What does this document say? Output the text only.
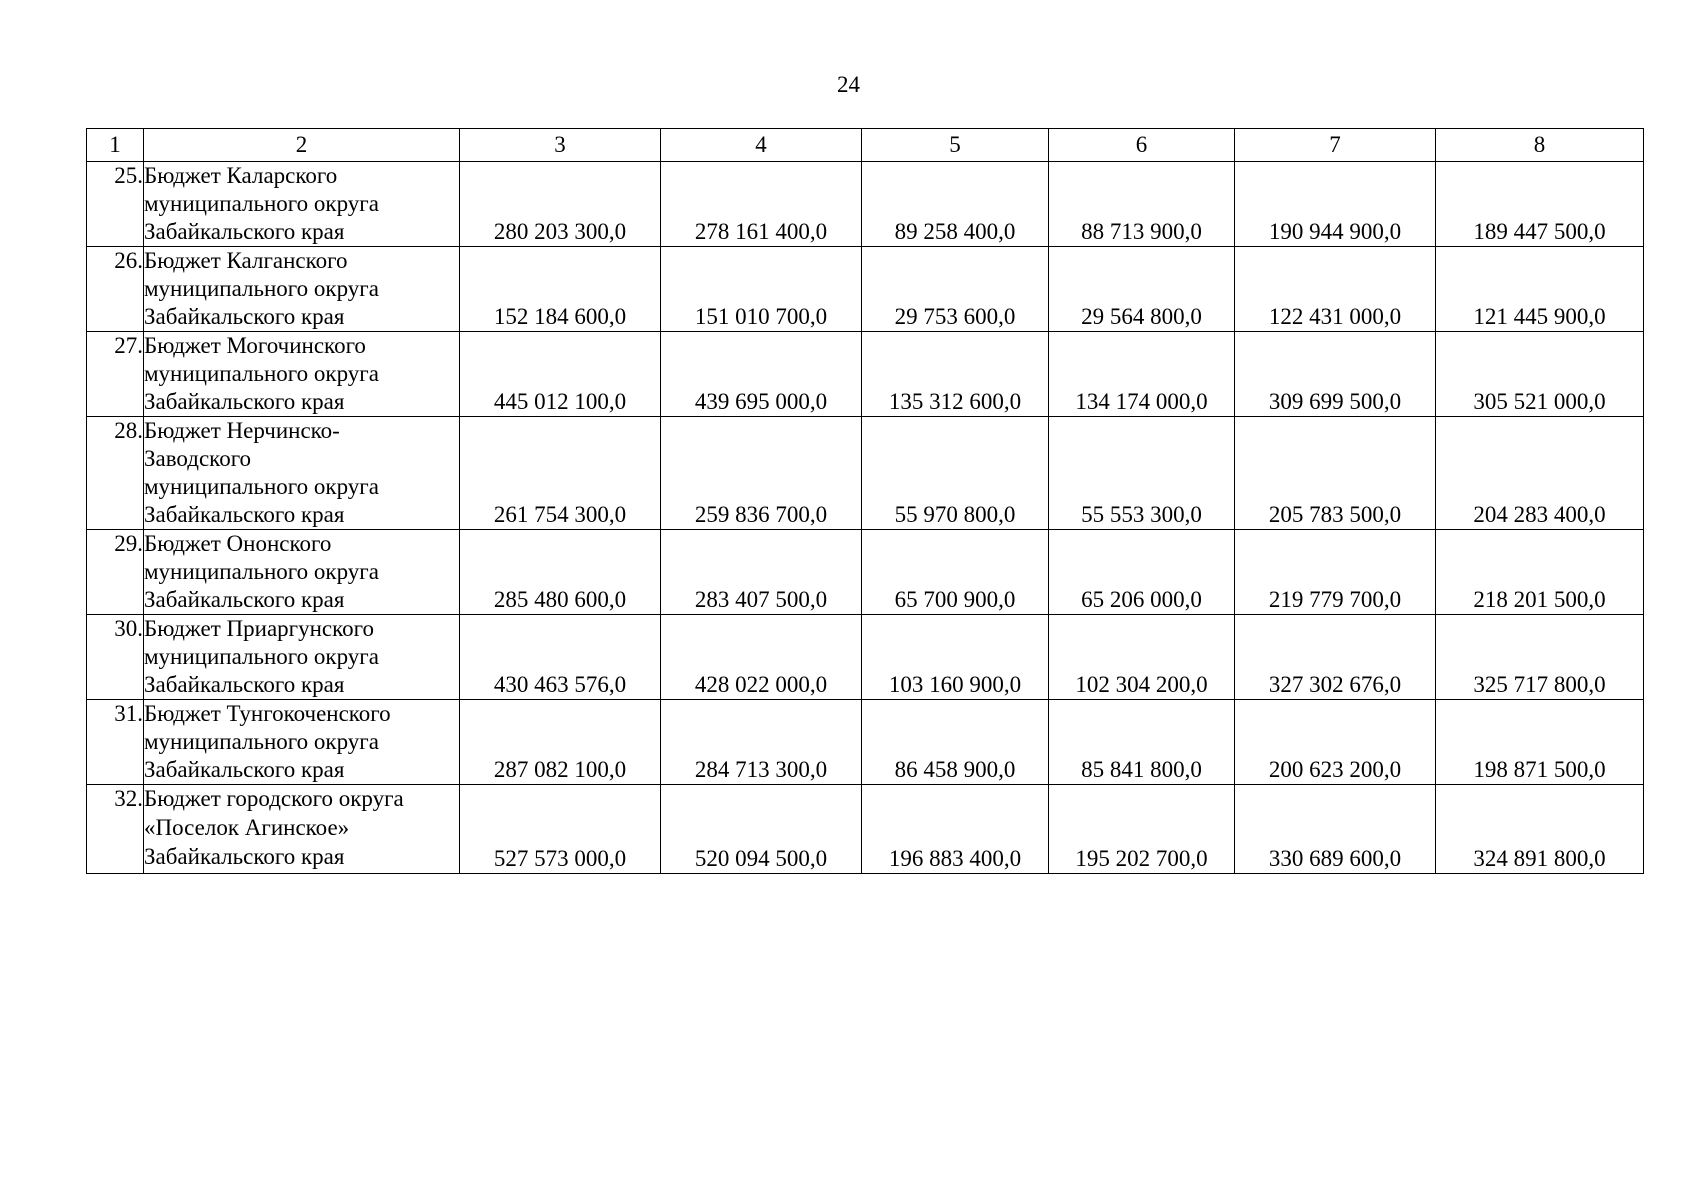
24
1	2	3	4	5	6	7	8
25.	Бюджет Каларского
муниципального округа
Забайкальского края	280 203 300,0	278 161 400,0	89 258 400,0	88 713 900,0	190 944 900,0	189 447 500,0
26.	Бюджет Калганского
муниципального округа
Забайкальского края	152 184 600,0	151 010 700,0	29 753 600,0	29 564 800,0	122 431 000,0	121 445 900,0
27.	Бюджет Могочинского
муниципального округа
Забайкальского края	445 012 100,0	439 695 000,0	135 312 600,0	134 174 000,0	309 699 500,0	305 521 000,0
28.	Бюджет Нерчинско-
Заводского
муниципального округа
Забайкальского края	261 754 300,0	259 836 700,0	55 970 800,0	55 553 300,0	205 783 500,0	204 283 400,0
29.	Бюджет Ононского
муниципального округа
Забайкальского края	285 480 600,0	283 407 500,0	65 700 900,0	65 206 000,0	219 779 700,0	218 201 500,0
30.	Бюджет Приаргунского
муниципального округа
Забайкальского края	430 463 576,0	428 022 000,0	103 160 900,0	102 304 200,0	327 302 676,0	325 717 800,0
31.	Бюджет Тунгокоченского
муниципального округа
Забайкальского края	287 082 100,0	284 713 300,0	86 458 900,0	85 841 800,0	200 623 200,0	198 871 500,0
32.	Бюджет городского округа
«Поселок Агинское»
Забайкальского края	527 573 000,0	520 094 500,0	196 883 400,0	195 202 700,0	330 689 600,0	324 891 800,0
